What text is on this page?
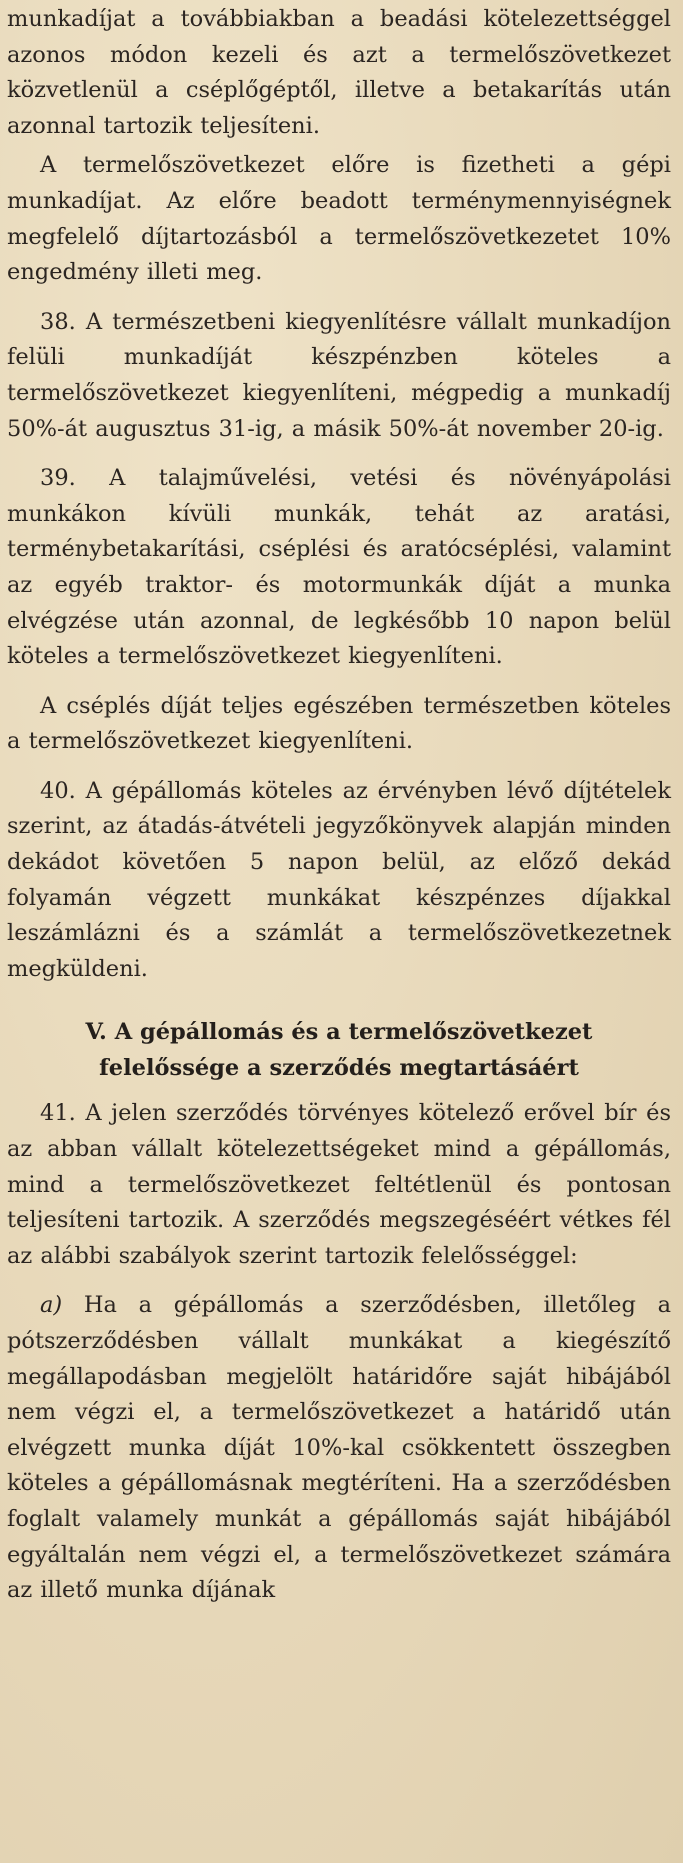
munkadíjat a továbbiakban a beadási kötelezettséggel azonos módon kezeli és azt a termelőszövetkezet közvetlenül a cséplőgéptől, illetve a betakarítás után azonnal tartozik teljesíteni.

A termelőszövetkezet előre is fizetheti a gépi munkadíjat. Az előre beadott terménymennyiségnek megfelelő díjtartozásból a termelőszövetkezetet 10% engedmény illeti meg.

38. A természetbeni kiegyenlítésre vállalt munkadíjon felüli munkadíját készpénzben köteles a termelőszövetkezet kiegyenlíteni, mégpedig a munkadíj 50%-át augusztus 31-ig, a másik 50%-át november 20-ig.

39. A talajművelési, vetési és növényápolási munkákon kívüli munkák, tehát az aratási, terménybetakarítási, cséplési és aratócséplési, valamint az egyéb traktor- és motormunkák díját a munka elvégzése után azonnal, de legkésőbb 10 napon belül köteles a termelőszövetkezet kiegyenlíteni.

A cséplés díját teljes egészében természetben köteles a termelőszövetkezet kiegyenlíteni.

40. A gépállomás köteles az érvényben lévő díjtételek szerint, az átadás-átvételi jegyzőkönyvek alapján minden dekádot követően 5 napon belül, az előző dekád folyamán végzett munkákat készpénzes díjakkal leszámlázni és a számlát a termelőszövetkezetnek megküldeni.

V. A gépállomás és a termelőszövetkezet
felelőssége a szerződés megtartásáért

41. A jelen szerződés törvényes kötelező erővel bír és az abban vállalt kötelezettségeket mind a gépállomás, mind a termelőszövetkezet feltétlenül és pontosan teljesíteni tartozik. A szerződés megszegéséért vétkes fél az alábbi szabályok szerint tartozik felelősséggel:

a) Ha a gépállomás a szerződésben, illetőleg a pótszerződésben vállalt munkákat a kiegészítő megállapodásban megjelölt határidőre saját hibájából nem végzi el, a termelőszövetkezet a határidő után elvégzett munka díját 10%-kal csökkentett összegben köteles a gépállomásnak megtéríteni. Ha a szerződésben foglalt valamely munkát a gépállomás saját hibájából egyáltalán nem végzi el, a termelőszövetkezet számára az illető munka díjának
